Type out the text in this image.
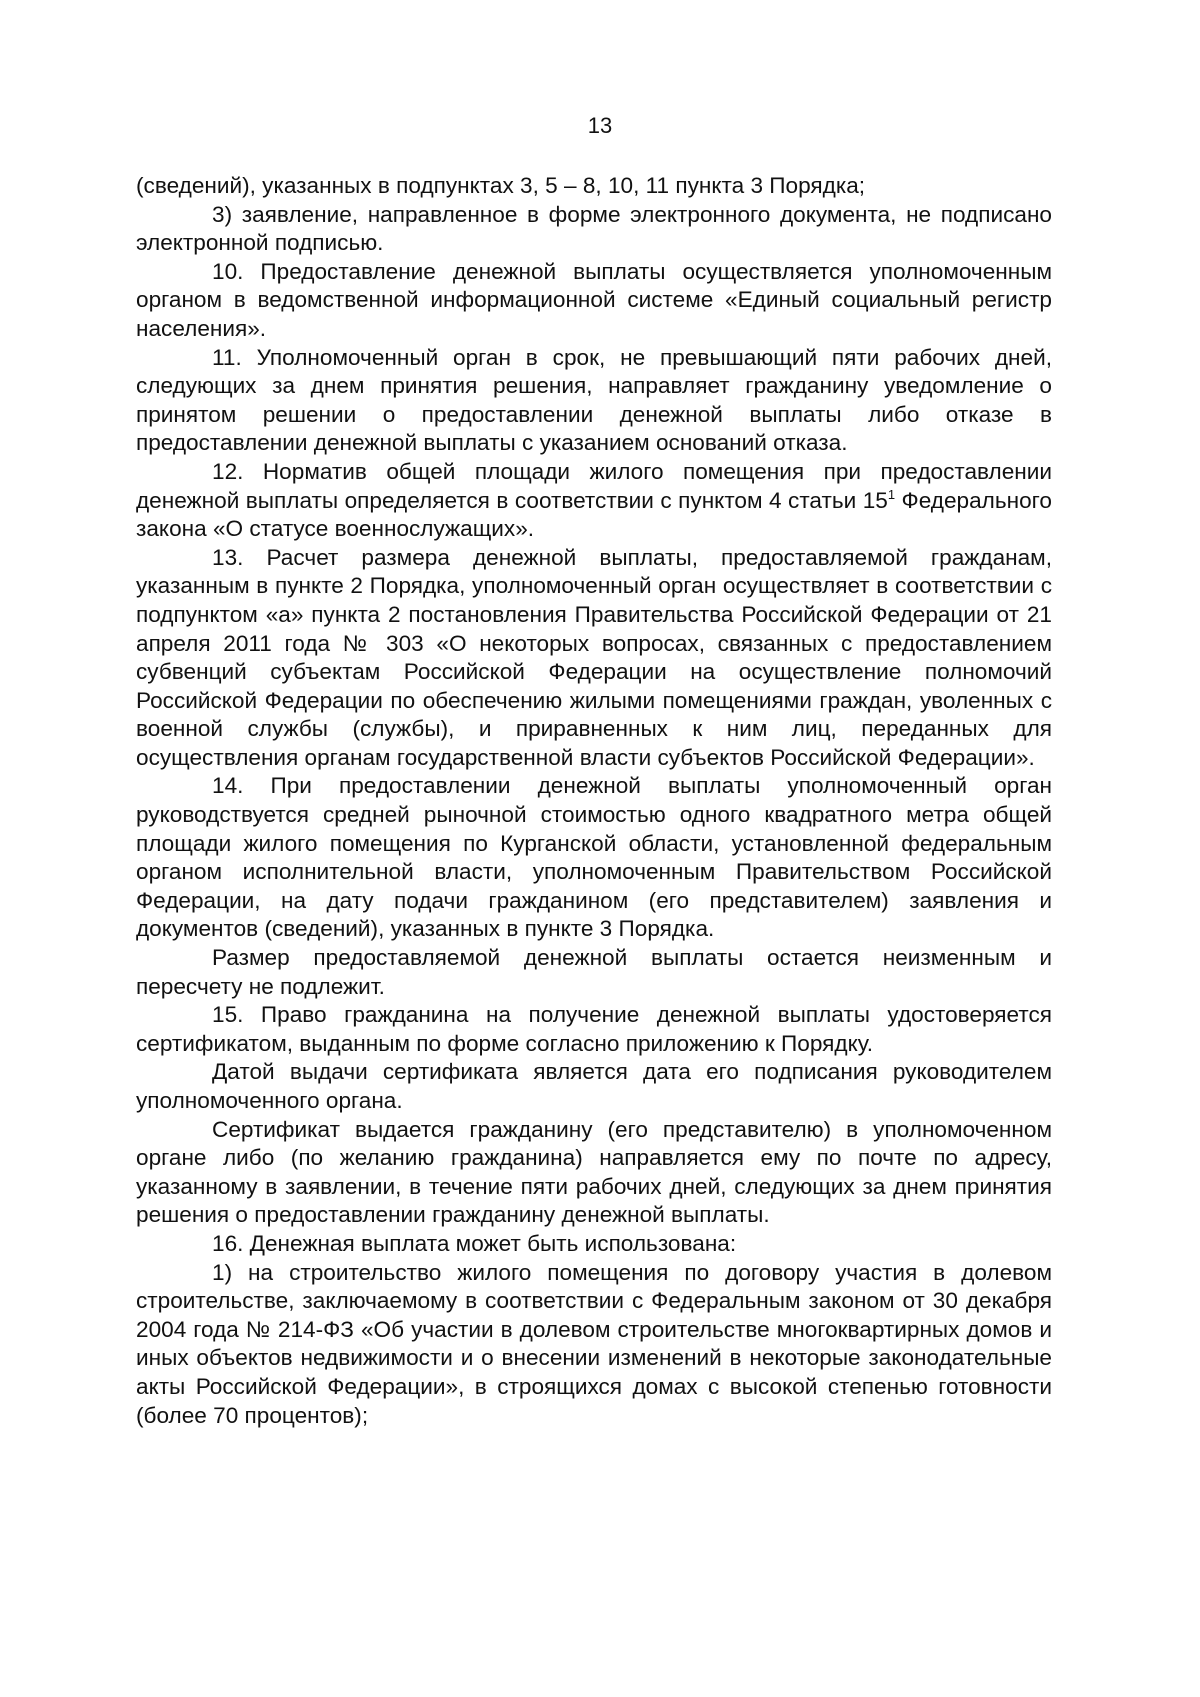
13

(сведений), указанных в подпунктах 3, 5 – 8, 10, 11 пункта 3 Порядка;

3) заявление, направленное в форме электронного документа, не подписано электронной подписью.

10. Предоставление денежной выплаты осуществляется уполномоченным органом в ведомственной информационной системе «Единый социальный регистр населения».

11. Уполномоченный орган в срок, не превышающий пяти рабочих дней, следующих за днем принятия решения, направляет гражданину уведомление о принятом решении о предоставлении денежной выплаты либо отказе в предоставлении денежной выплаты с указанием оснований отказа.

12. Норматив общей площади жилого помещения при предоставлении денежной выплаты определяется в соответствии с пунктом 4 статьи $15^1$ Федерального закона «О статусе военнослужащих».

13. Расчет размера денежной выплаты, предоставляемой гражданам, указанным в пункте 2 Порядка, уполномоченный орган осуществляет в соответствии с подпунктом «а» пункта 2 постановления Правительства Российской Федерации от 21 апреля 2011 года № 303 «О некоторых вопросах, связанных с предоставлением субвенций субъектам Российской Федерации на осуществление полномочий Российской Федерации по обеспечению жилыми помещениями граждан, уволенных с военной службы (службы), и приравненных к ним лиц, переданных для осуществления органам государственной власти субъектов Российской Федерации».

14. При предоставлении денежной выплаты уполномоченный орган руководствуется средней рыночной стоимостью одного квадратного метра общей площади жилого помещения по Курганской области, установленной федеральным органом исполнительной власти, уполномоченным Правительством Российской Федерации, на дату подачи гражданином (его представителем) заявления и документов (сведений), указанных в пункте 3 Порядка.

Размер предоставляемой денежной выплаты остается неизменным и пересчету не подлежит.

15. Право гражданина на получение денежной выплаты удостоверяется сертификатом, выданным по форме согласно приложению к Порядку.

Датой выдачи сертификата является дата его подписания руководителем уполномоченного органа.

Сертификат выдается гражданину (его представителю) в уполномоченном органе либо (по желанию гражданина) направляется ему по почте по адресу, указанному в заявлении, в течение пяти рабочих дней, следующих за днем принятия решения о предоставлении гражданину денежной выплаты.

16. Денежная выплата может быть использована:

1) на строительство жилого помещения по договору участия в долевом строительстве, заключаемому в соответствии с Федеральным законом от 30 декабря 2004 года № 214-ФЗ «Об участии в долевом строительстве многоквартирных домов и иных объектов недвижимости и о внесении изменений в некоторые законодательные акты Российской Федерации», в строящихся домах с высокой степенью готовности (более 70 процентов);
